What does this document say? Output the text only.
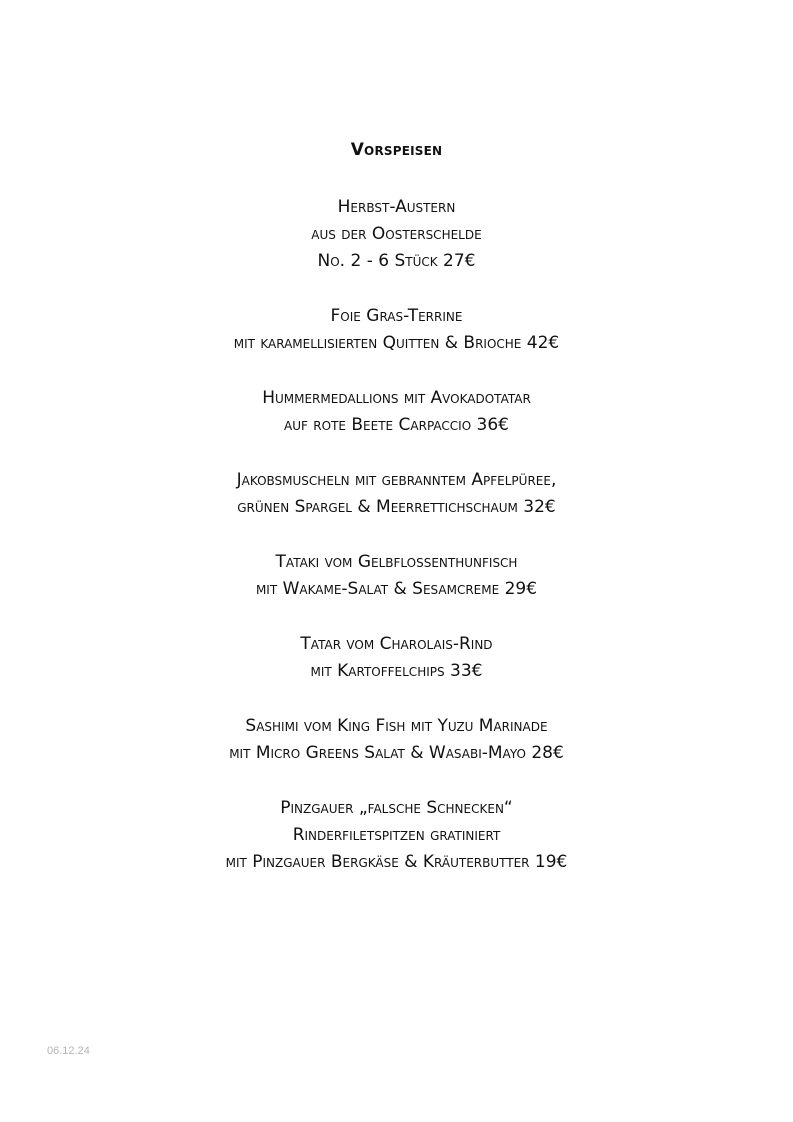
Vorspeisen
Herbst-Austern
aus der Oosterschelde
No. 2 - 6 Stück 27€
Foie Gras-Terrine
mit karamellisierten Quitten & Brioche 42€
Hummermedallions mit Avokadotatar
auf rote Beete Carpaccio 36€
Jakobsmuscheln mit gebranntem Apfelpüree,
grünen Spargel & Meerrettichschaum 32€
Tataki vom Gelbflossenthunfisch
mit Wakame-Salat & Sesamcreme 29€
Tatar vom Charolais-Rind
mit Kartoffelchips 33€
Sashimi vom King Fish mit Yuzu Marinade
mit Micro Greens Salat & Wasabi-Mayo 28€
Pinzgauer „falsche Schnecken“
Rinderfiletspitzen gratiniert
mit Pinzgauer Bergkäse & Kräuterbutter 19€
06.12.24
